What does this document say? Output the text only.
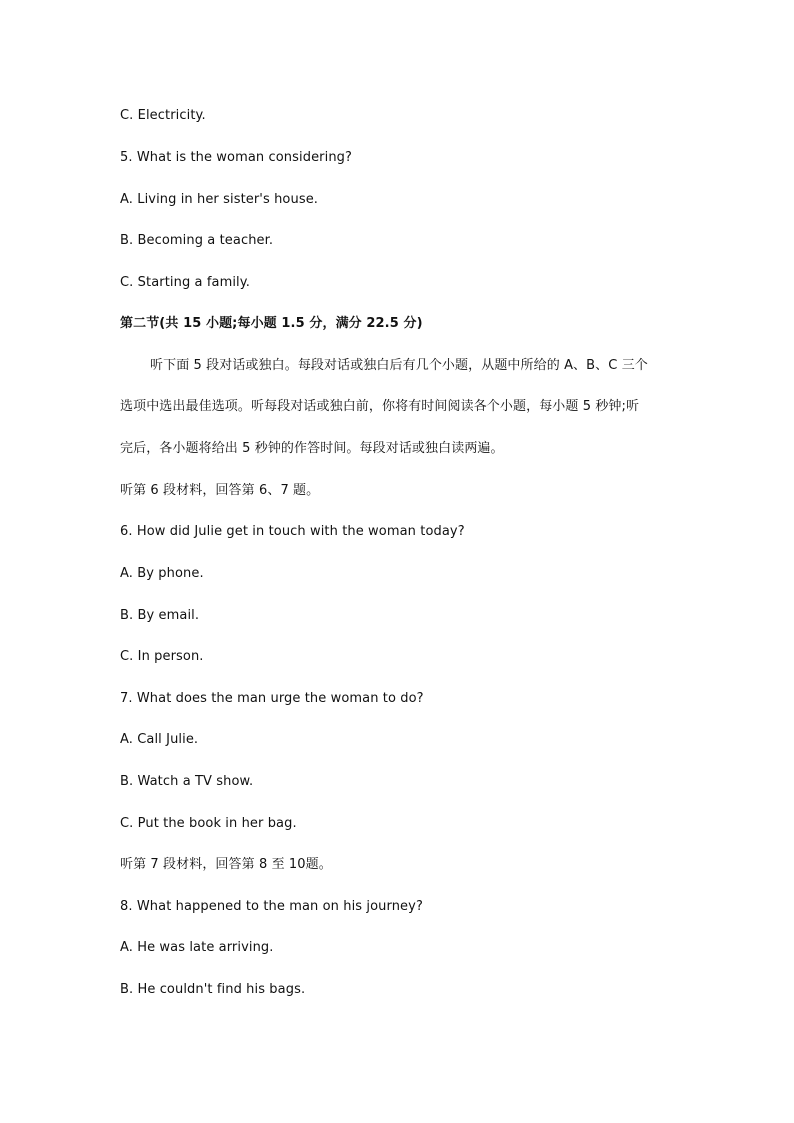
C. Electricity.
5. What is the woman considering?
A. Living in her sister's house.
B. Becoming a teacher.
C. Starting a family.
第二节(共 15 小题;每小题 1.5 分，满分 22.5 分)
听下面 5 段对话或独白。每段对话或独白后有几个小题，从题中所给的 A、B、C 三个
选项中选出最佳选项。听每段对话或独白前，你将有时间阅读各个小题，每小题 5 秒钟;听
完后，各小题将给出 5 秒钟的作答时间。每段对话或独白读两遍。
听第 6 段材料，回答第 6、7 题。
6. How did Julie get in touch with the woman today?
A. By phone.
B. By email.
C. In person.
7. What does the man urge the woman to do?
A. Call Julie.
B. Watch a TV show.
C. Put the book in her bag.
听第 7 段材料，回答第 8 至 10题。
8. What happened to the man on his journey?
A. He was late arriving.
B. He couldn't find his bags.
